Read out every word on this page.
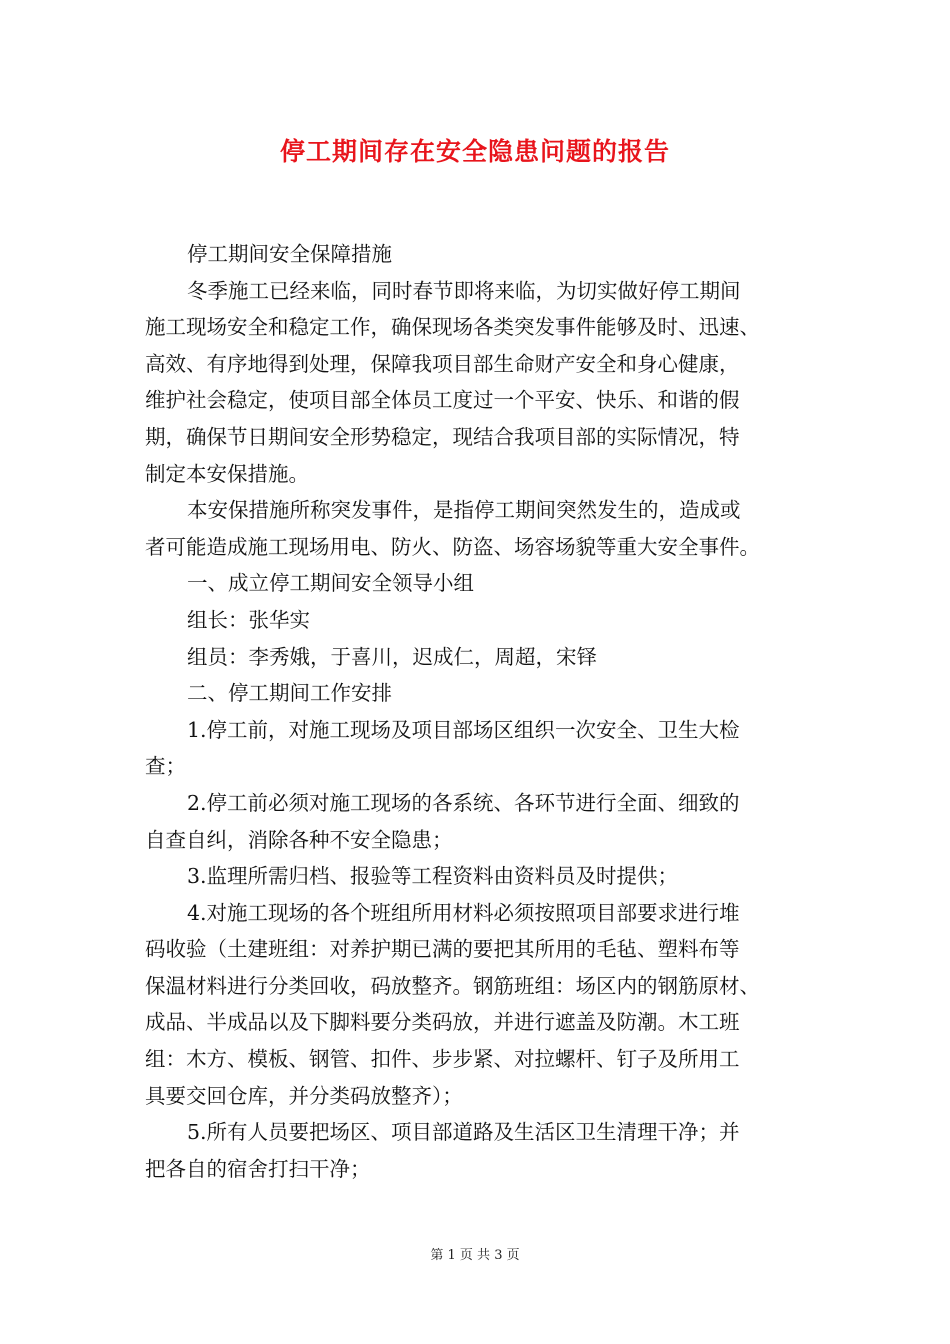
停工期间存在安全隐患问题的报告
停工期间安全保障措施
冬季施工已经来临，同时春节即将来临，为切实做好停工期间
施工现场安全和稳定工作，确保现场各类突发事件能够及时、迅速、
高效、有序地得到处理，保障我项目部生命财产安全和身心健康，
维护社会稳定，使项目部全体员工度过一个平安、快乐、和谐的假
期，确保节日期间安全形势稳定，现结合我项目部的实际情况，特
制定本安保措施。
本安保措施所称突发事件，是指停工期间突然发生的，造成或
者可能造成施工现场用电、防火、防盗、场容场貌等重大安全事件。
一、成立停工期间安全领导小组
组长：张华实
组员：李秀娥，于喜川，迟成仁，周超，宋铎
二、停工期间工作安排
1.停工前，对施工现场及项目部场区组织一次安全、卫生大检
查；
2.停工前必须对施工现场的各系统、各环节进行全面、细致的
自查自纠，消除各种不安全隐患；
3.监理所需归档、报验等工程资料由资料员及时提供；
4.对施工现场的各个班组所用材料必须按照项目部要求进行堆
码收验（土建班组：对养护期已满的要把其所用的毛毡、塑料布等
保温材料进行分类回收，码放整齐。钢筋班组：场区内的钢筋原材、
成品、半成品以及下脚料要分类码放，并进行遮盖及防潮。木工班
组：木方、模板、钢管、扣件、步步紧、对拉螺杆、钉子及所用工
具要交回仓库，并分类码放整齐）；
5.所有人员要把场区、项目部道路及生活区卫生清理干净；并
把各自的宿舍打扫干净；
第 1 页 共 3 页
